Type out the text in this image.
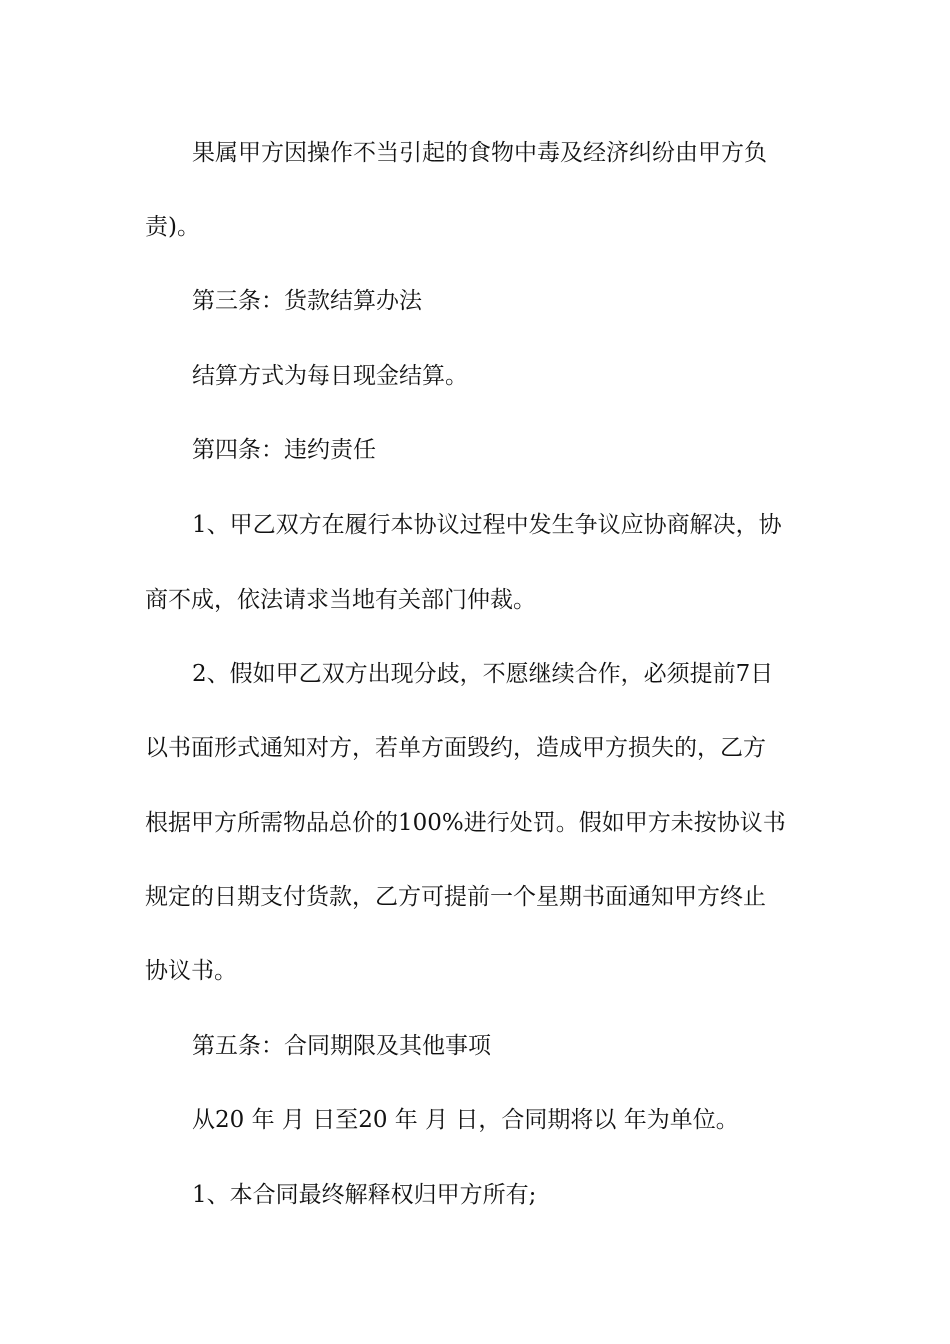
果属甲方因操作不当引起的食物中毒及经济纠纷由甲方负
责)。
第三条：货款结算办法
结算方式为每日现金结算。
第四条：违约责任
1、甲乙双方在履行本协议过程中发生争议应协商解决，协
商不成，依法请求当地有关部门仲裁。
2、假如甲乙双方出现分歧，不愿继续合作，必须提前7日
以书面形式通知对方，若单方面毁约，造成甲方损失的，乙方
根据甲方所需物品总价的100%进行处罚。假如甲方未按协议书
规定的日期支付货款，乙方可提前一个星期书面通知甲方终止
协议书。
第五条：合同期限及其他事项
从20 年 月 日至20 年 月 日，合同期将以 年为单位。
1、本合同最终解释权归甲方所有;
